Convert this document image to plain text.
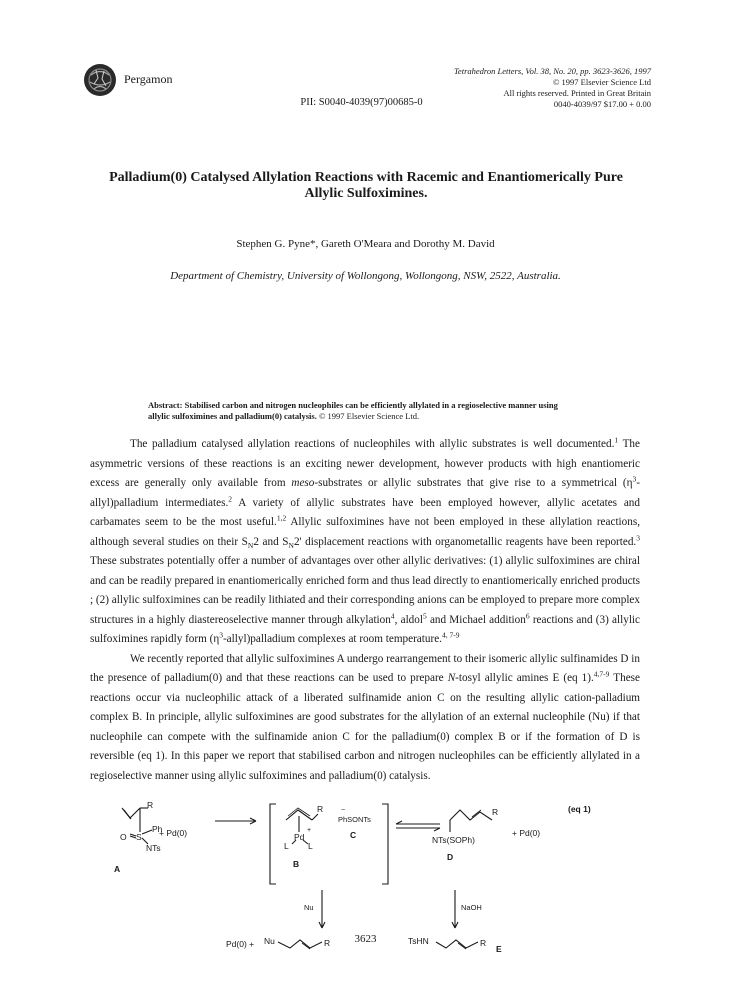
Pergamon
Tetrahedron Letters, Vol. 38, No. 20, pp. 3623-3626, 1997
© 1997 Elsevier Science Ltd
All rights reserved. Printed in Great Britain
0040-4039/97 $17.00 + 0.00
PII: S0040-4039(97)00685-0
Palladium(0) Catalysed Allylation Reactions with Racemic and Enantiomerically Pure
Allylic Sulfoximines.
Stephen G. Pyne*, Gareth O'Meara and Dorothy M. David
Department of Chemistry, University of Wollongong, Wollongong, NSW, 2522, Australia.
Abstract: Stabilised carbon and nitrogen nucleophiles can be efficiently allylated in a regioselective manner using allylic sulfoximines and palladium(0) catalysis. © 1997 Elsevier Science Ltd.

The palladium catalysed allylation reactions of nucleophiles with allylic substrates is well documented.$^1$ The asymmetric versions of these reactions is an exciting newer development, however products with high enantiomeric excess are generally only available from meso-substrates or allylic substrates that give rise to a symmetrical $(\eta^3-allyl)palladium$ intermediates.$^2$ A variety of allylic substrates have been employed however, allylic acetates and carbamates seem to be the most useful.$^{1,2}$ Allylic sulfoximines have not been employed in these allylation reactions, although several studies on their $S_N2$ and $S_N2'$ displacement reactions with organometallic reagents have been reported.$^3$ These substrates potentially offer a number of advantages over other allylic derivatives: (1) allylic sulfoximines are chiral and can be readily prepared in enantiomerically enriched form and thus lead directly to enantiomerically enriched products ; (2) allylic sulfoximines can be readily lithiated and their corresponding anions can be employed to prepare more complex structures in a highly diastereoselective manner through alkylation$^4$, aldol$^5$ and Michael addition$^6$ reactions and (3) allylic sulfoximines rapidly form $(\eta^3-allyl)palladium$ complexes at room temperature.$^{4, 7-9}$

We recently reported that allylic sulfoximines A undergo rearrangement to their isomeric allylic sulfinamides D in the presence of palladium(0) and that these reactions can be used to prepare N-tosyl allylic amines E (eq 1).$^{4,7-9}$ These reactions occur via nucleophilic attack of a liberated sulfinamide anion C on the resulting allylic cation-palladium complex B. In principle, allylic sulfoximines are good substrates for the allylation of an external nucleophile (Nu) if that nucleophile can compete with the sulfinamide anion C for the palladium(0) complex B or if the formation of D is reversible (eq 1). In this paper we report that stabilised carbon and nitrogen nucleophiles can be efficiently allylated in a regioselective manner using allylic sulfoximines and palladium(0) catalysis.

R
+ Pd(0)
O S
Ph
NTs
A
R
Pd
+
L L
B
−
PhSONTs
C
R
NTs(SOPh)
D
+ Pd(0)
(eq 1)
Nu	NaOH
Pd(0) + Nu	R	TsHN	R
E
3623
